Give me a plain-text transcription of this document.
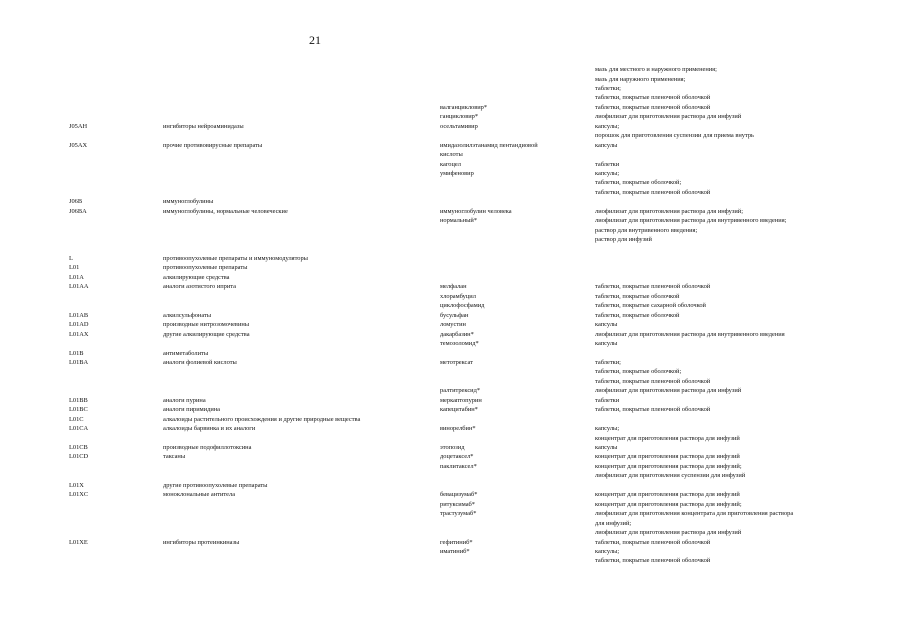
21
мазь для местного и наружного применения;
мазь для наружного применения;
таблетки;
таблетки, покрытые пленочной оболочкой
валганцикловир*	таблетки, покрытые пленочной оболочкой
ганцикловир*	лиофилизат для приготовления раствора для инфузий
J05AH	ингибиторы нейроаминидазы	осельтамивир	капсулы;
порошок для приготовления суспензии для приема внутрь
J05AX	прочие противовирусные препараты	имидазолилэтанамид пентандиовой	капсулы
кислоты
кагоцел	таблетки
умифеновир	капсулы;
таблетки, покрытые оболочкой;
таблетки, покрытые пленочной оболочкой
J06B	иммуноглобулины
J06BA	иммуноглобулины, нормальные человеческие	иммуноглобулин человека	лиофилизат для приготовления раствора для инфузий;
нормальный*	лиофилизат для приготовления раствора для внутривенного введения;
раствор для внутривенного введения;
раствор для инфузий
L	противоопухолевые препараты и иммуномодуляторы
L01	противоопухолевые препараты
L01A	алкилирующие средства
L01AA	аналоги азотистого иприта	мелфалан	таблетки, покрытые пленочной оболочкой
хлорамбуцил	таблетки, покрытые оболочкой
циклофосфамид	таблетки, покрытые сахарной оболочкой
L01AB	алкилсульфонаты	бусульфан	таблетки, покрытые оболочкой
L01AD	производные нитрозомочевины	ломустин	капсулы
L01AX	другие алкилирующие средства	дакарбазин*	лиофилизат для приготовления раствора для внутривенного введения
темозоломид*	капсулы
L01B	антиметаболиты
L01BA	аналоги фолиевой кислоты	метотрексат	таблетки;
таблетки, покрытые оболочкой;
таблетки, покрытые пленочной оболочкой
ралтитрексид*	лиофилизат для приготовления раствора для инфузий
L01BB	аналоги пурина	меркаптопурин	таблетки
L01BC	аналоги пиримидина	капецитабин*	таблетки, покрытые пленочной оболочкой
L01C	алкалоиды растительного происхождения и другие природные вещества
L01CA	алкалоиды барвинка и их аналоги	винорелбин*	капсулы;
концентрат для приготовления раствора для инфузий
L01CB	производные подофиллотоксина	этопозид	капсулы
L01CD	таксаны	доцетаксел*	концентрат для приготовления раствора для инфузий
паклитаксел*	концентрат для приготовления раствора для инфузий;
лиофилизат для приготовления суспензии для инфузий
L01X	другие противоопухолевые препараты
L01XC	моноклональные антитела	бевацизумаб*	концентрат для приготовления раствора для инфузий
ритуксимаб*	концентрат для приготовления раствора для инфузий;
трастузумаб*	лиофилизат для приготовления концентрата для приготовления раствора
для инфузий;
лиофилизат для приготовления раствора для инфузий
L01XE	ингибиторы протеинкиназы	гефитиниб*	таблетки, покрытые пленочной оболочкой
иматиниб*	капсулы;
таблетки, покрытые пленочной оболочкой
